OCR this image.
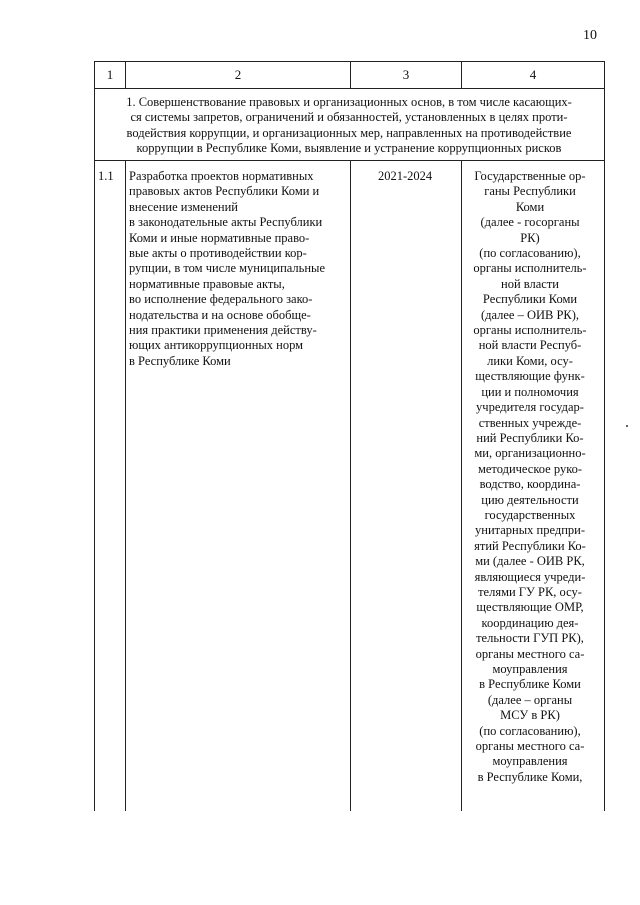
10
1	2	3	4
1. Совершенствование правовых и организационных основ, в том числе касающих-
ся системы запретов, ограничений и обязанностей, установленных в целях проти-
водействия коррупции, и организационных мер, направленных на противодействие
коррупции в Республике Коми, выявление и устранение коррупционных рисков
1.1 Разработка проектов нормативных
правовых актов Республики Коми и
внесение изменений
в законодательные акты Республики
Коми и иные нормативные право-
вые акты о противодействии кор-
рупции, в том числе муниципальные
нормативные правовые акты,
во исполнение федерального зако-
нодательства и на основе обобще-
ния практики применения действу-
ющих антикоррупционных норм
в Республике Коми
2021-2024	Государственные ор-
ганы Республики
Коми
(далее - госорганы
РК)
(по согласованию),
органы исполнитель-
ной власти
Республики Коми
(далее – ОИВ РК),
органы исполнитель-
ной власти Респуб-
лики Коми, осу-
ществляющие функ-
ции и полномочия
учредителя государ-
ственных учрежде-
ний Республики Ко-
ми, организационно-
методическое руко-
водство, координа-
цию деятельности
государственных
унитарных предпри-
ятий Республики Ко-
ми (далее - ОИВ РК,
являющиеся учреди-
телями ГУ РК, осу-
ществляющие ОМР,
координацию дея-
тельности ГУП РК),
органы местного са-
моуправления
в Республике Коми
(далее – органы
МСУ в РК)
(по согласованию),
органы местного са-
моуправления
в Республике Коми,
